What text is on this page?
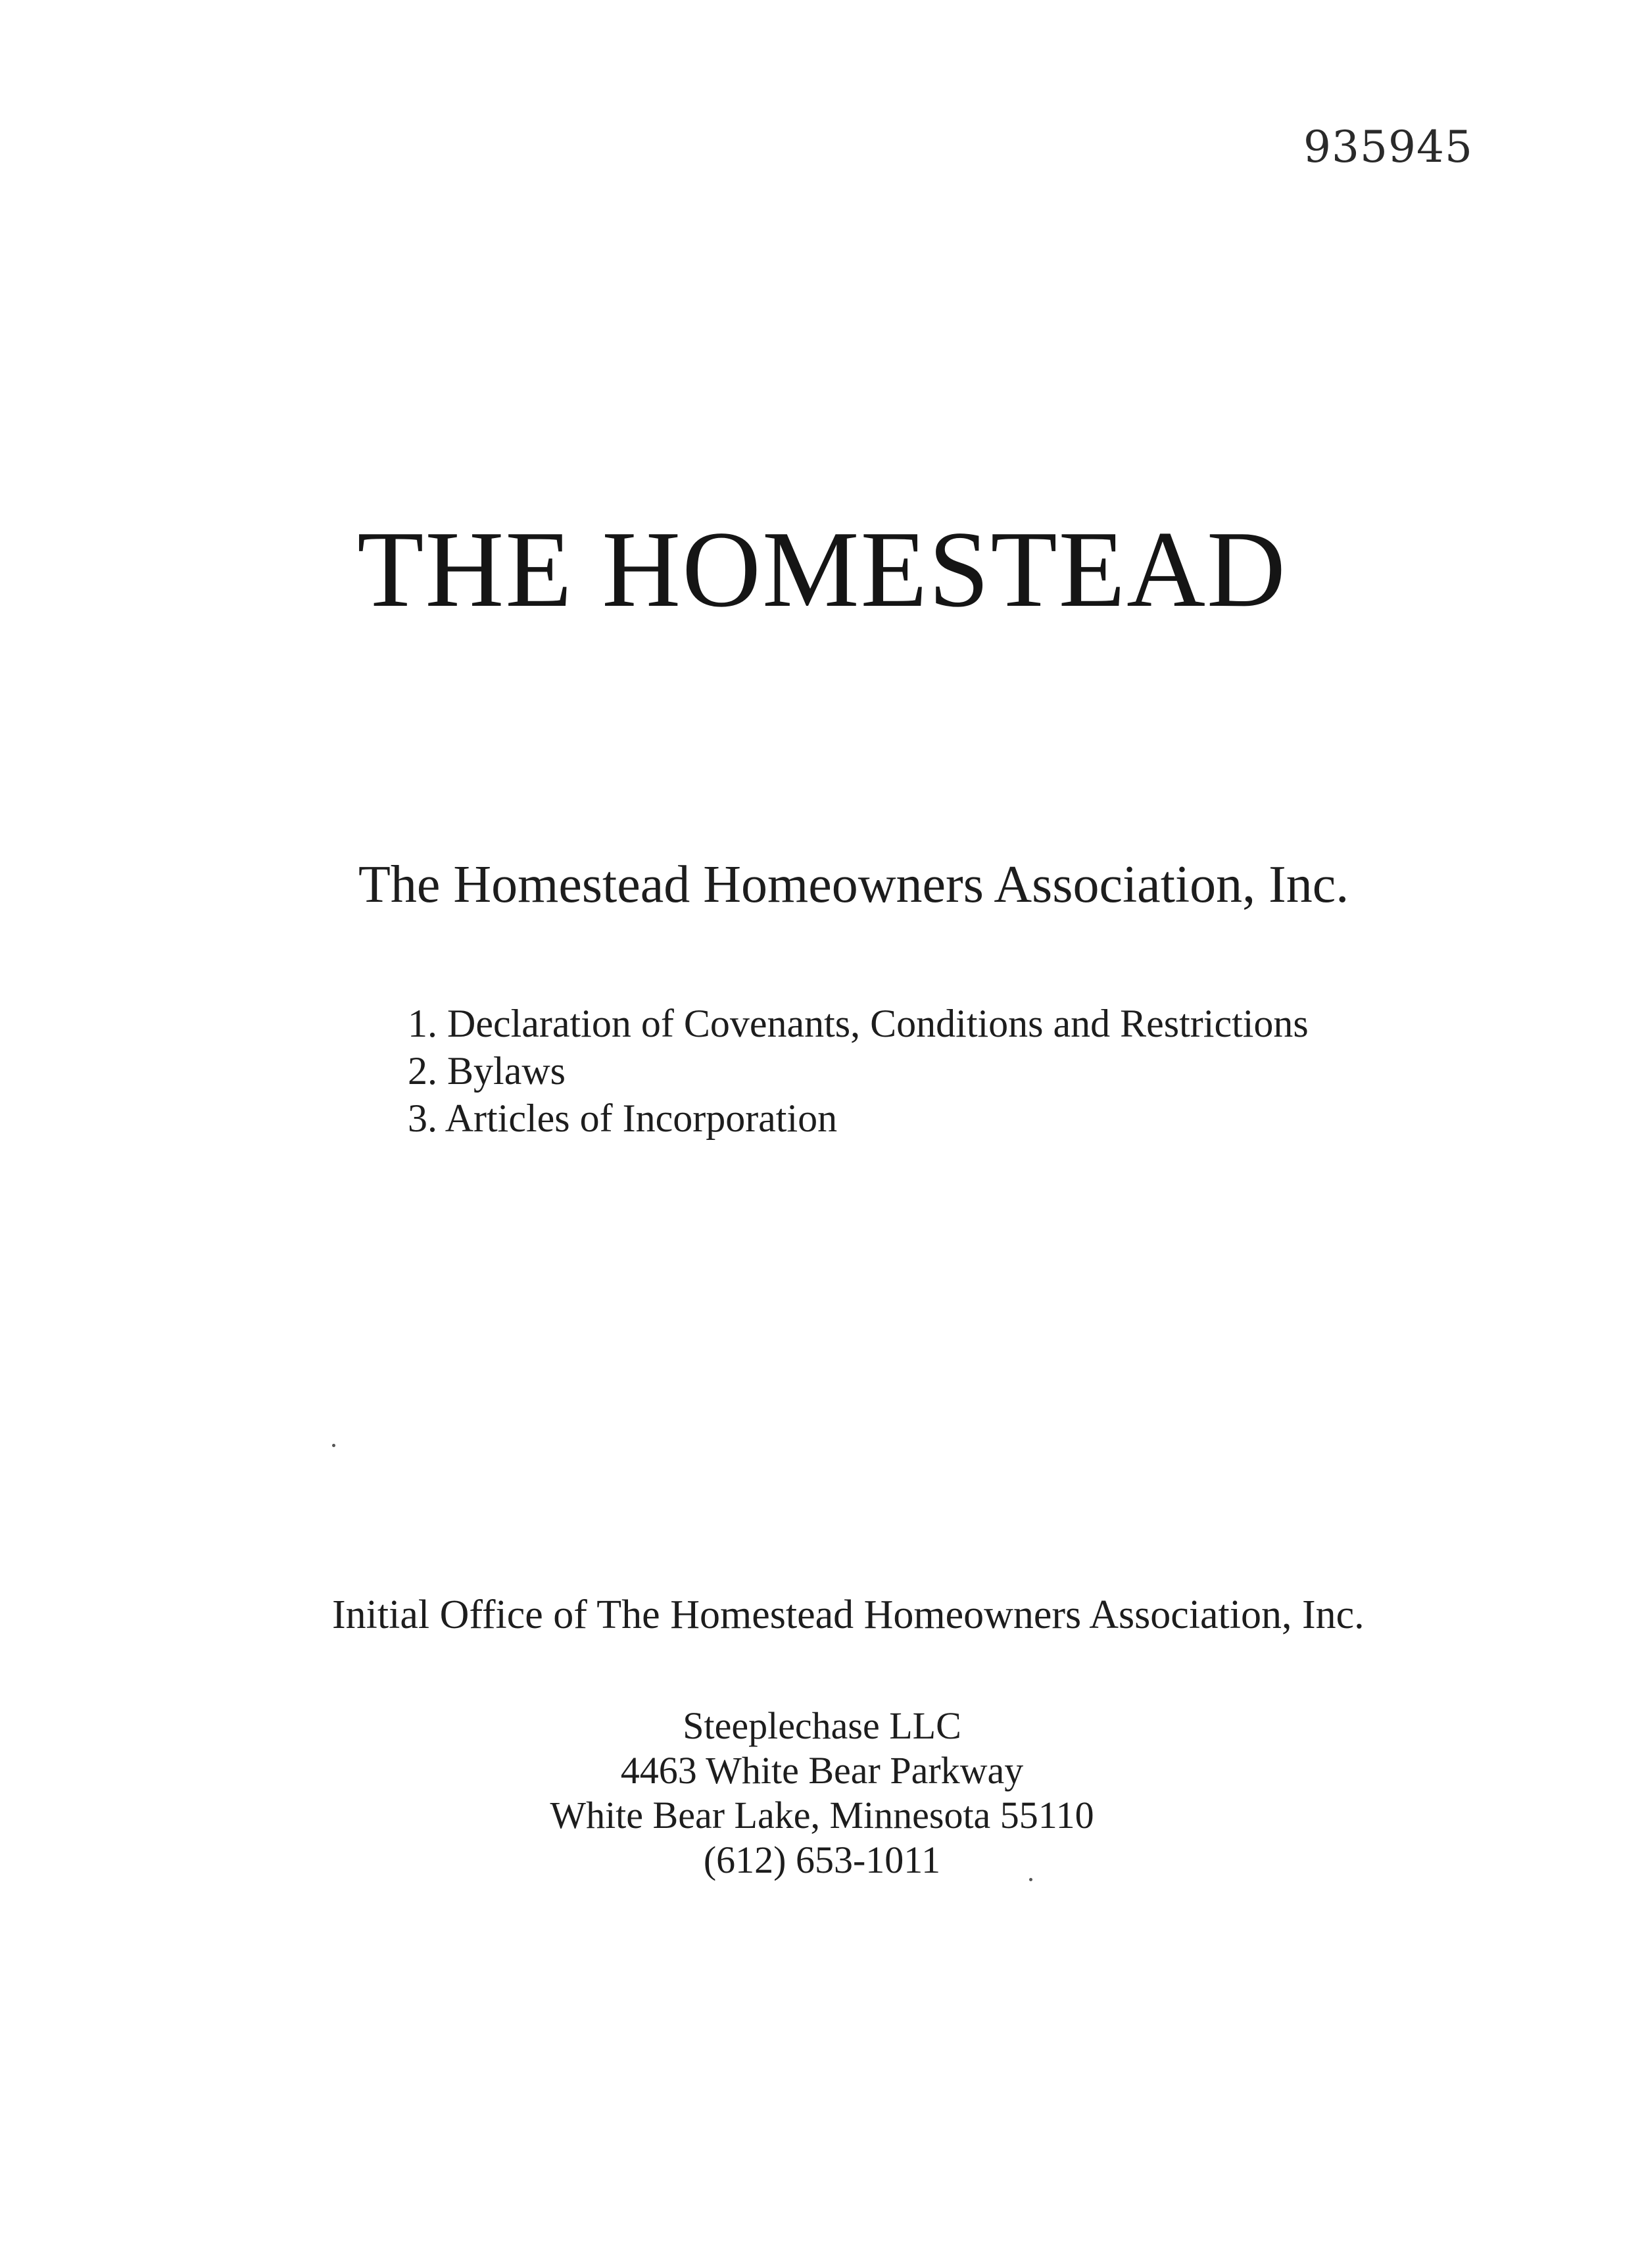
935945
THE HOMESTEAD
The Homestead Homeowners Association, Inc.
1. Declaration of Covenants, Conditions and Restrictions
2. Bylaws
3. Articles of Incorporation
Initial Office of The Homestead Homeowners Association, Inc.
Steeplechase LLC
4463 White Bear Parkway
White Bear Lake, Minnesota 55110
(612) 653-1011
